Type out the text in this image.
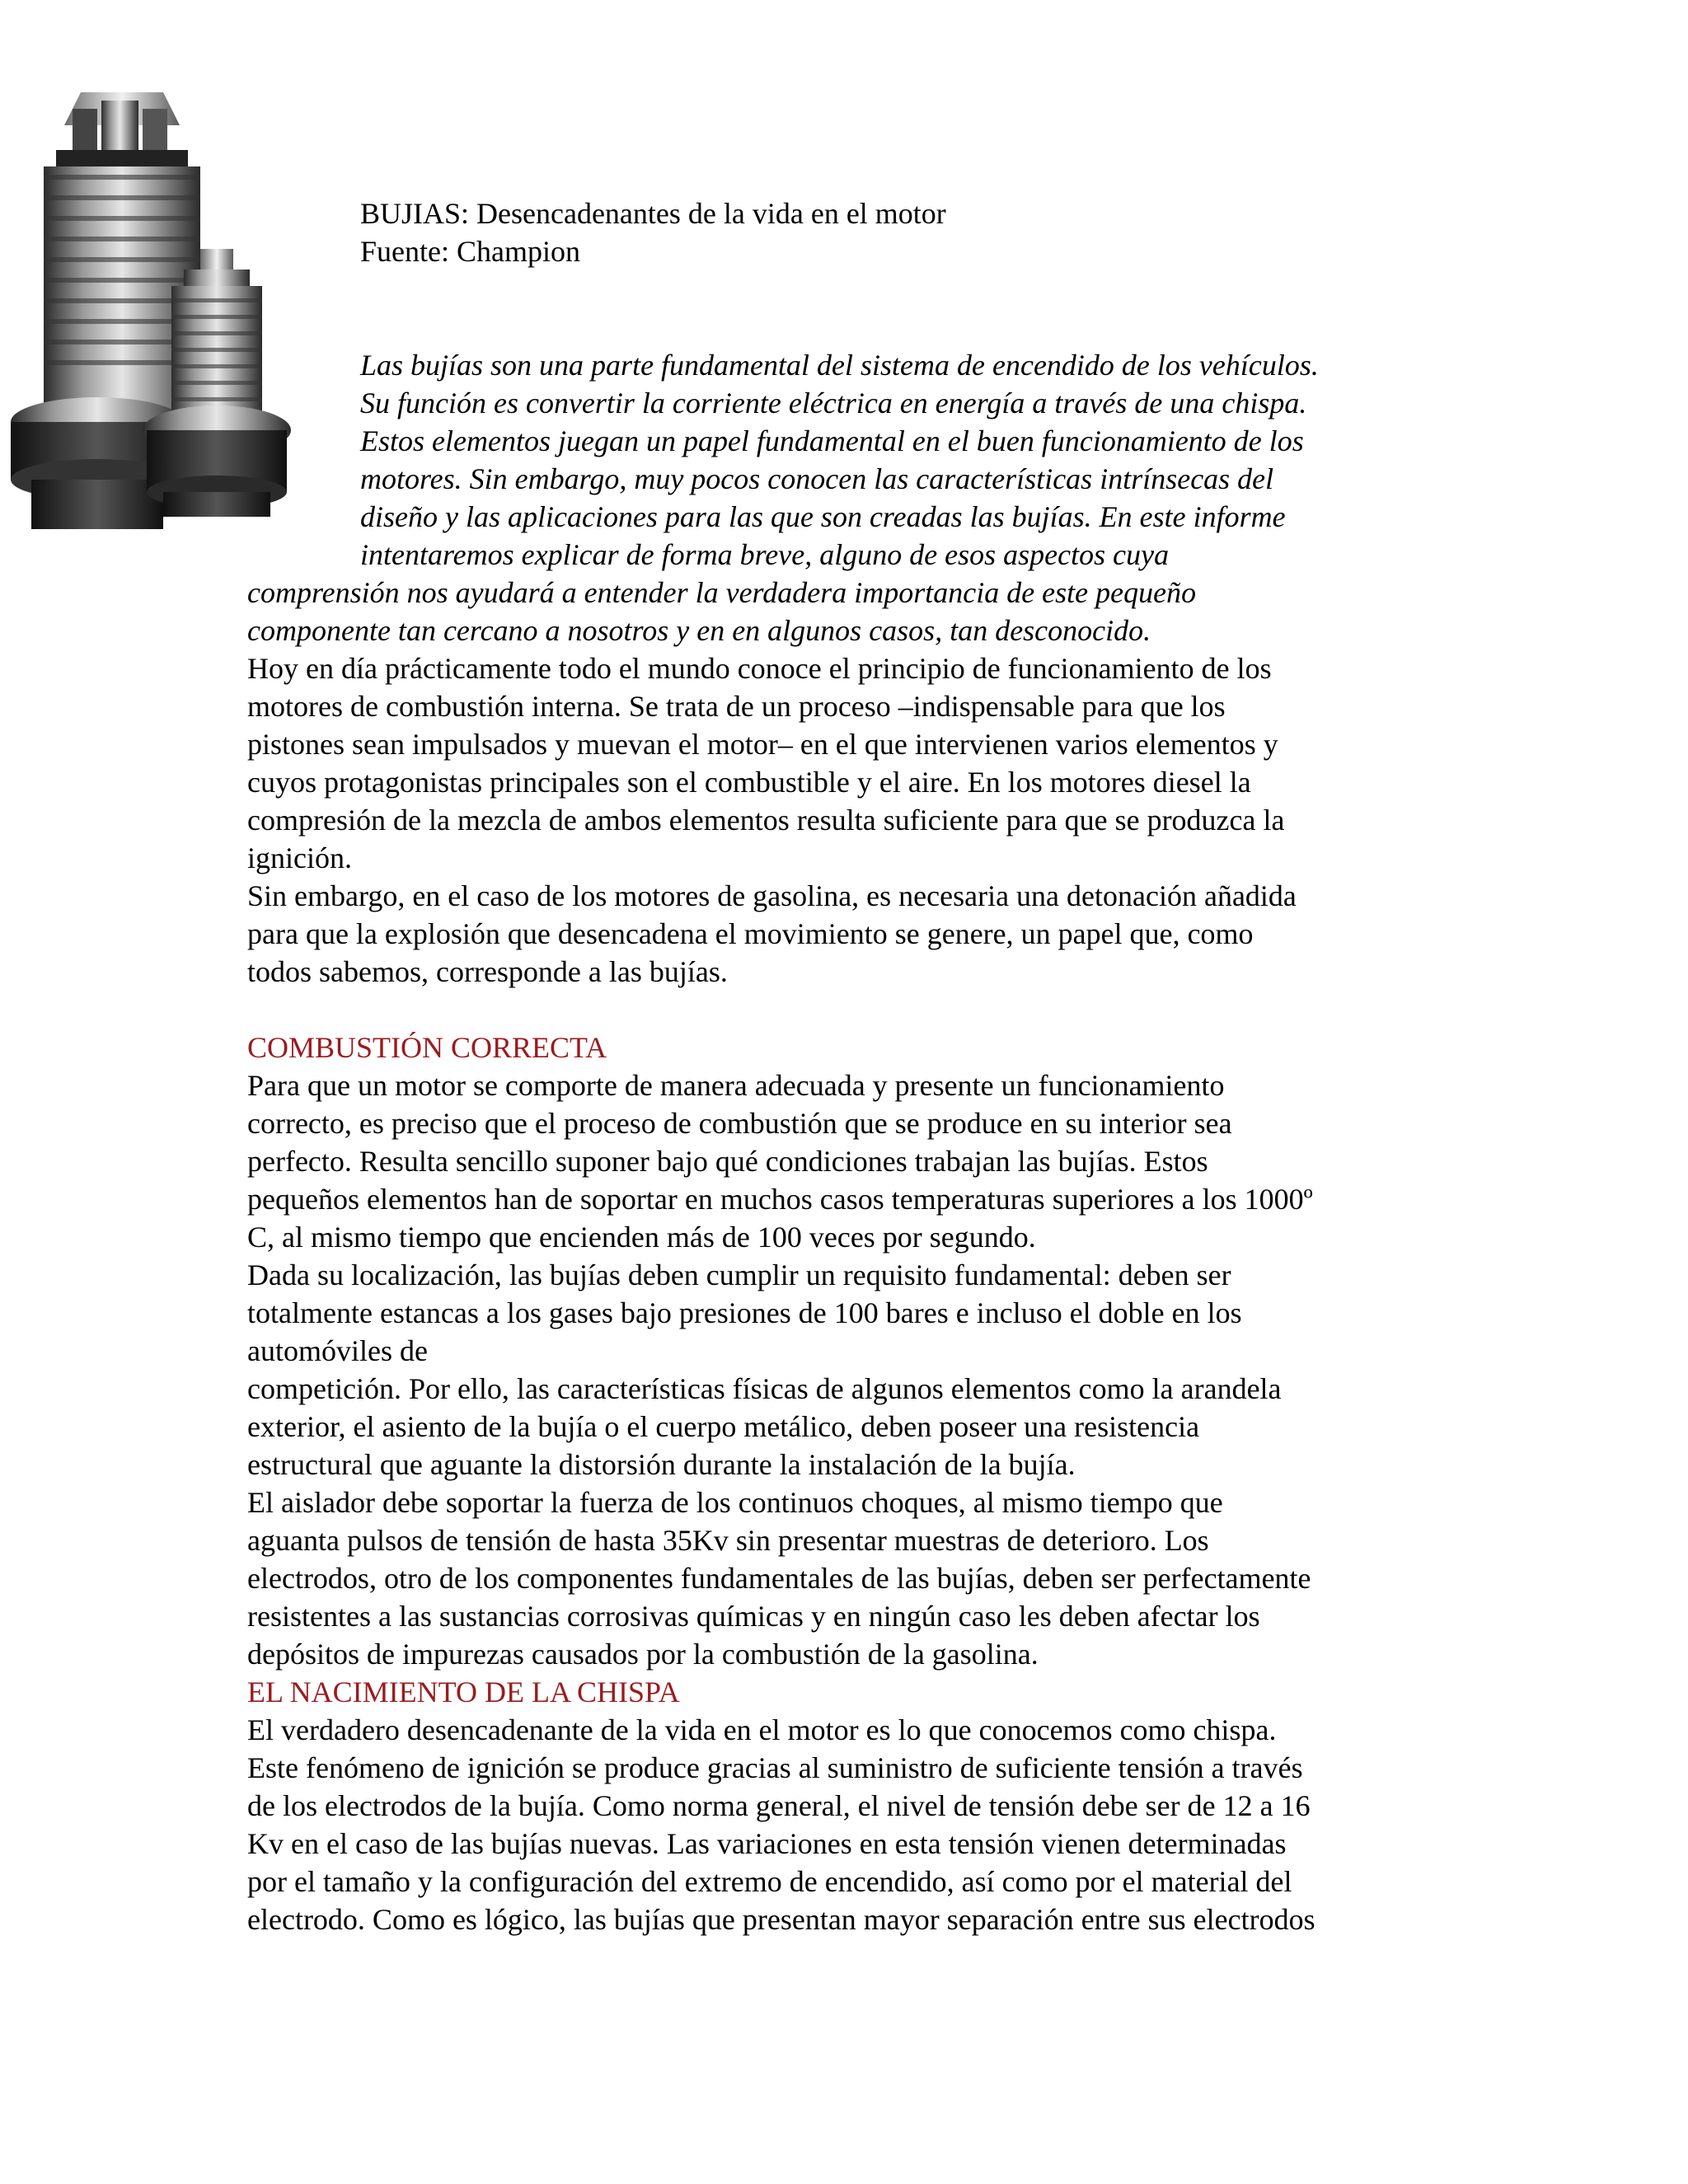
BUJIAS: Desencadenantes de la vida en el motor
Fuente: Champion
Las bujías son una parte fundamental del sistema de encendido de los vehículos.
Su función es convertir la corriente eléctrica en energía a través de una chispa.
Estos elementos juegan un papel fundamental en el buen funcionamiento de los
motores. Sin embargo, muy pocos conocen las características intrínsecas del
diseño y las aplicaciones para las que son creadas las bujías. En este informe
intentaremos explicar de forma breve, alguno de esos aspectos cuya
comprensión nos ayudará a entender la verdadera importancia de este pequeño
componente tan cercano a nosotros y en en algunos casos, tan desconocido.
Hoy en día prácticamente todo el mundo conoce el principio de funcionamiento de los
motores de combustión interna. Se trata de un proceso –indispensable para que los
pistones sean impulsados y muevan el motor– en el que intervienen varios elementos y
cuyos protagonistas principales son el combustible y el aire. En los motores diesel la
compresión de la mezcla de ambos elementos resulta suficiente para que se produzca la
ignición.
Sin embargo, en el caso de los motores de gasolina, es necesaria una detonación añadida
para que la explosión que desencadena el movimiento se genere, un papel que, como
todos sabemos, corresponde a las bujías.
COMBUSTIÓN CORRECTA
Para que un motor se comporte de manera adecuada y presente un funcionamiento
correcto, es preciso que el proceso de combustión que se produce en su interior sea
perfecto. Resulta sencillo suponer bajo qué condiciones trabajan las bujías. Estos
pequeños elementos han de soportar en muchos casos temperaturas superiores a los 1000º
C, al mismo tiempo que encienden más de 100 veces por segundo.
Dada su localización, las bujías deben cumplir un requisito fundamental: deben ser
totalmente estancas a los gases bajo presiones de 100 bares e incluso el doble en los
automóviles de
competición. Por ello, las características físicas de algunos elementos como la arandela
exterior, el asiento de la bujía o el cuerpo metálico, deben poseer una resistencia
estructural que aguante la distorsión durante la instalación de la bujía.
El aislador debe soportar la fuerza de los continuos choques, al mismo tiempo que
aguanta pulsos de tensión de hasta 35Kv sin presentar muestras de deterioro. Los
electrodos, otro de los componentes fundamentales de las bujías, deben ser perfectamente
resistentes a las sustancias corrosivas químicas y en ningún caso les deben afectar los
depósitos de impurezas causados por la combustión de la gasolina.
EL NACIMIENTO DE LA CHISPA
El verdadero desencadenante de la vida en el motor es lo que conocemos como chispa.
Este fenómeno de ignición se produce gracias al suministro de suficiente tensión a través
de los electrodos de la bujía. Como norma general, el nivel de tensión debe ser de 12 a 16
Kv en el caso de las bujías nuevas. Las variaciones en esta tensión vienen determinadas
por el tamaño y la configuración del extremo de encendido, así como por el material del
electrodo. Como es lógico, las bujías que presentan mayor separación entre sus electrodos
